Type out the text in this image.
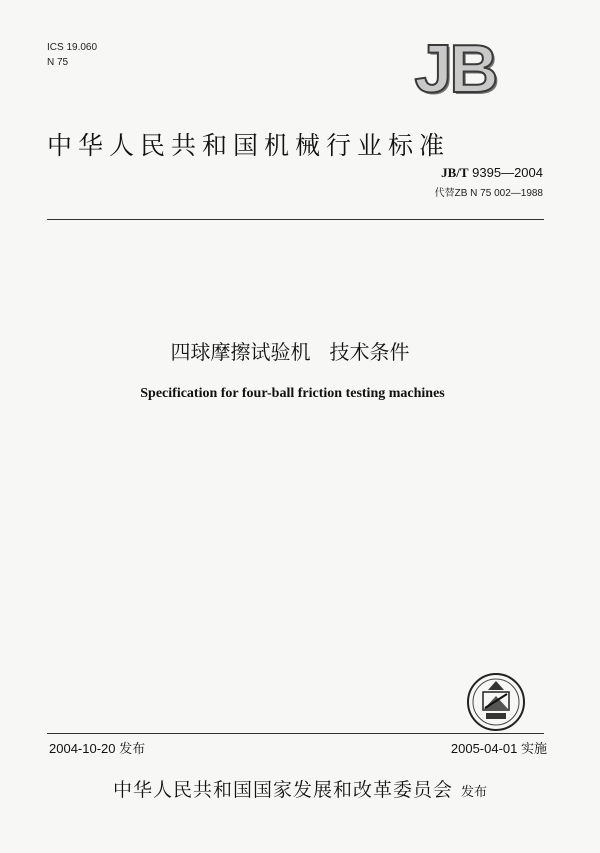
ICS 19.060
N 75	JB
中华人民共和国机械行业标准
JB/T 9395—2004
代替ZB N 75 002—1988
四球摩擦试验机   技术条件
Specification for four-ball friction testing machines
2004-10-20 发布	2005-04-01 实施
中华人民共和国国家发展和改革委员会 发布
